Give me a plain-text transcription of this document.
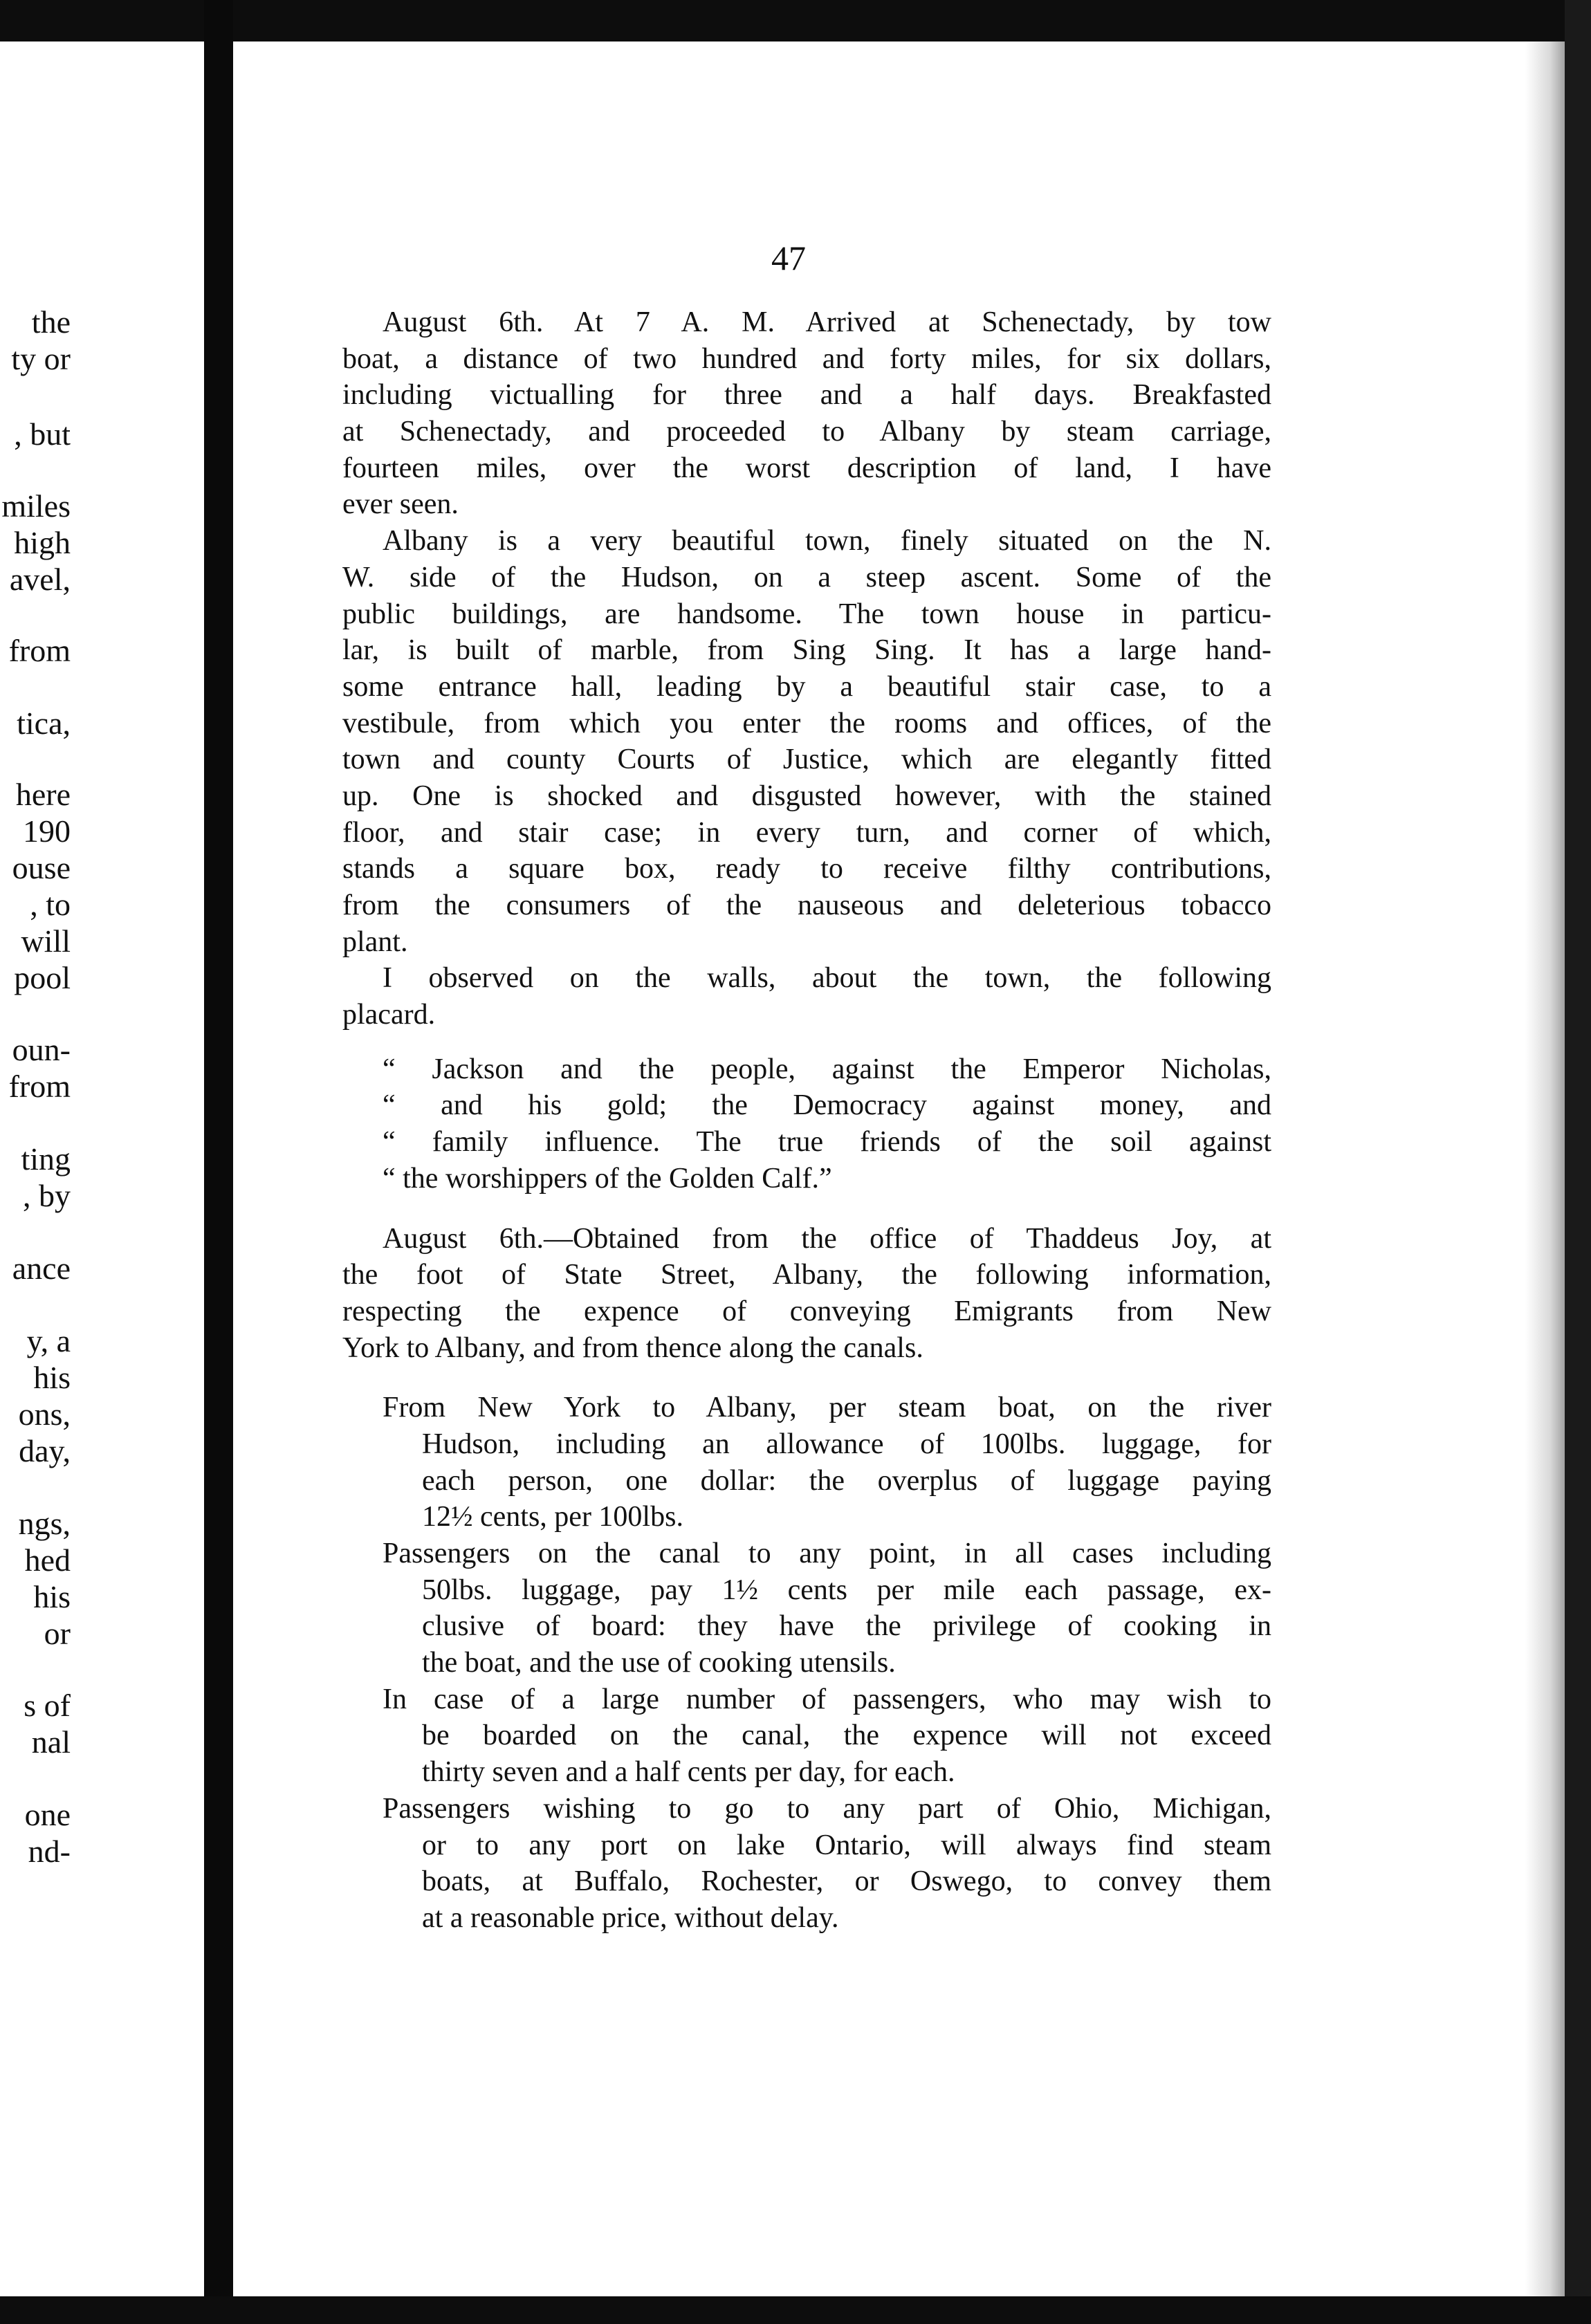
the
ty or
, but
miles
high
avel,
from
tica,
here
190
ouse
, to
will
pool
oun-
from
ting
, by
ance
y, a
his
ons,
day,
ngs,
hed
his
or
s of
nal
one
nd-
47
August 6th. At 7 A. M. Arrived at Schenectady, by tow
boat, a distance of two hundred and forty miles, for six dollars,
including victualling for three and a half days. Breakfasted
at Schenectady, and proceeded to Albany by steam carriage,
fourteen miles, over the worst description of land, I have
ever seen.
Albany is a very beautiful town, finely situated on the N.
W. side of the Hudson, on a steep ascent. Some of the
public buildings, are handsome. The town house in particu-
lar, is built of marble, from Sing Sing. It has a large hand-
some entrance hall, leading by a beautiful stair case, to a
vestibule, from which you enter the rooms and offices, of the
town and county Courts of Justice, which are elegantly fitted
up. One is shocked and disgusted however, with the stained
floor, and stair case; in every turn, and corner of which,
stands a square box, ready to receive filthy contributions,
from the consumers of the nauseous and deleterious tobacco
plant.
I observed on the walls, about the town, the following
placard.
“ Jackson and the people, against the Emperor Nicholas,
“ and his gold; the Democracy against money, and
“ family influence. The true friends of the soil against
“ the worshippers of the Golden Calf.”
August 6th.—Obtained from the office of Thaddeus Joy, at
the foot of State Street, Albany, the following information,
respecting the expence of conveying Emigrants from New
York to Albany, and from thence along the canals.
From New York to Albany, per steam boat, on the river
Hudson, including an allowance of 100lbs. luggage, for
each person, one dollar: the overplus of luggage paying
12½ cents, per 100lbs.
Passengers on the canal to any point, in all cases including
50lbs. luggage, pay 1½ cents per mile each passage, ex-
clusive of board: they have the privilege of cooking in
the boat, and the use of cooking utensils.
In case of a large number of passengers, who may wish to
be boarded on the canal, the expence will not exceed
thirty seven and a half cents per day, for each.
Passengers wishing to go to any part of Ohio, Michigan,
or to any port on lake Ontario, will always find steam
boats, at Buffalo, Rochester, or Oswego, to convey them
at a reasonable price, without delay.
